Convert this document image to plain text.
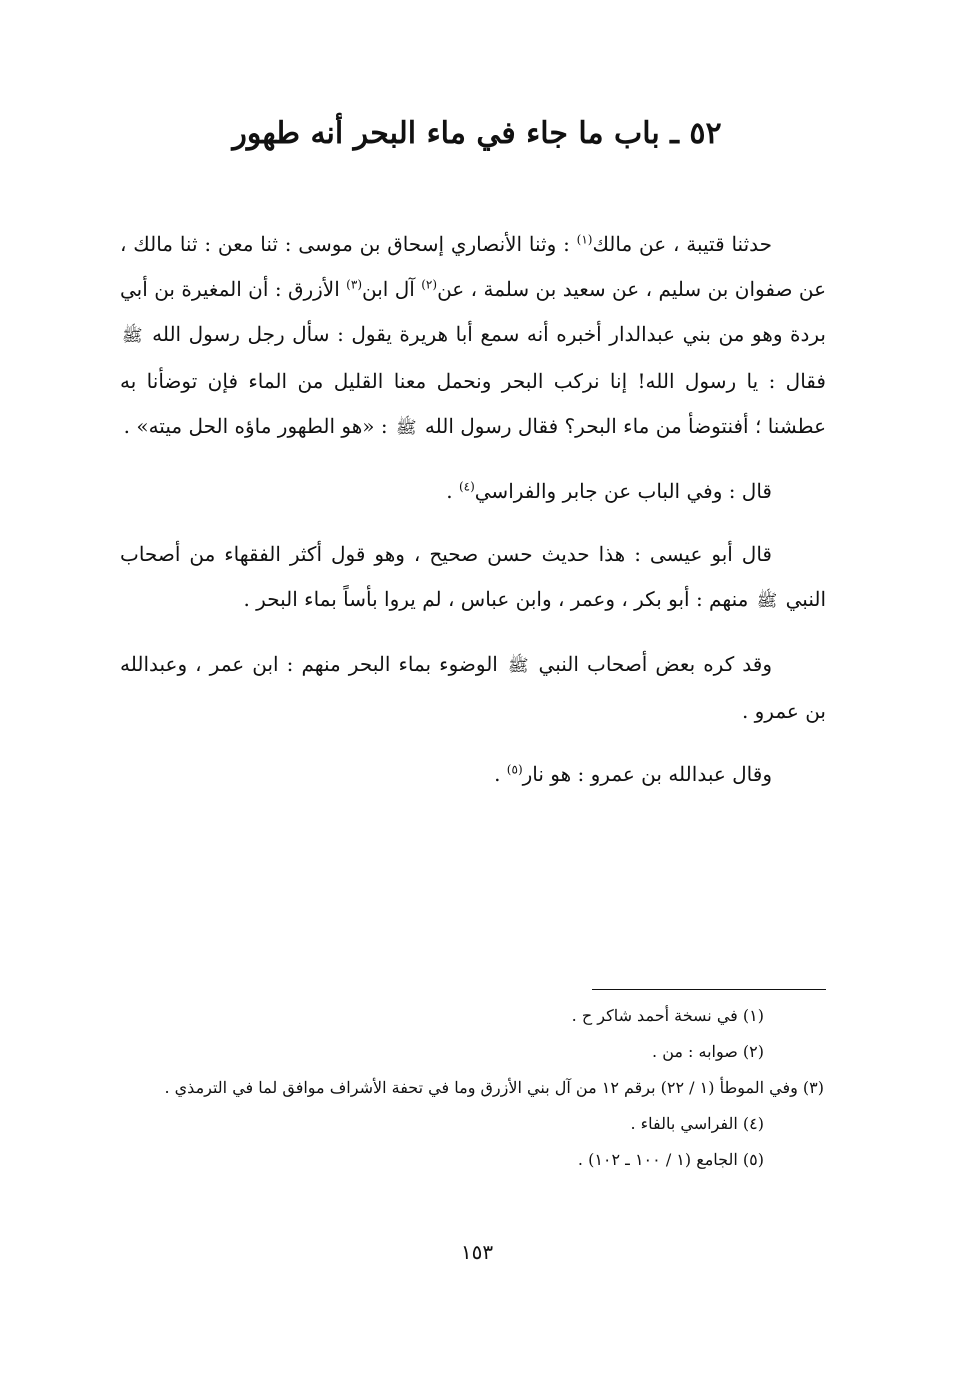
٥٢ ـ باب ما جاء في ماء البحر أنه طهور

حدثنا قتيبة ، عن مالك$^{(١)}$ : وثنا الأنصاري إسحاق بن موسى : ثنا معن : ثنا مالك ، عن صفوان بن سليم ، عن سعيد بن سلمة ، عن$^{(٢)}$ آل ابن$^{(٣)}$ الأزرق : أن المغيرة بن أبي بردة وهو من بني عبدالدار أخبره أنه سمع أبا هريرة يقول : سأل رجل رسول الله ﷺ فقال : يا رسول الله! إنا نركب البحر ونحمل معنا القليل من الماء فإن توضأنا به عطشنا ؛ أفنتوضأ من ماء البحر؟ فقال رسول الله ﷺ : «هو الطهور ماؤه الحل ميته» .

قال : وفي الباب عن جابر والفراسي$^{(٤)}$ .

قال أبو عيسى : هذا حديث حسن صحيح ، وهو قول أكثر الفقهاء من أصحاب النبي ﷺ منهم : أبو بكر ، وعمر ، وابن عباس ، لم يروا بأساً بماء البحر .

وقد كره بعض أصحاب النبي ﷺ الوضوء بماء البحر منهم : ابن عمر ، وعبدالله بن عمرو .

وقال عبدالله بن عمرو : هو نار$^{(٥)}$ .

(١) في نسخة أحمد شاكر ح .

(٢) صوابه : من .

(٣) وفي الموطأ (١ / ٢٢) برقم ١٢ من آل بني الأزرق وما في تحفة الأشراف موافق لما في الترمذي .

(٤) الفراسي بالفاء .

(٥) الجامع (١ / ١٠٠ ـ ١٠٢) .

١٥٣
